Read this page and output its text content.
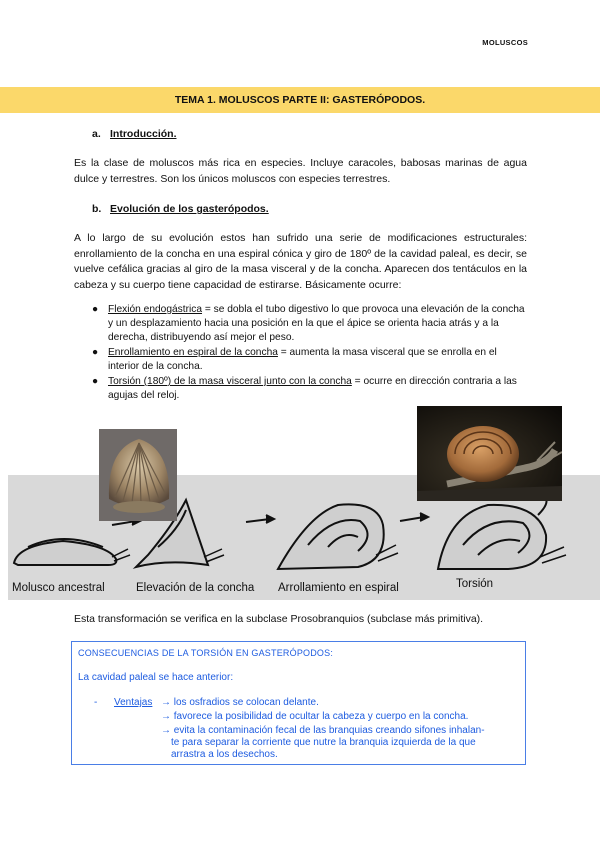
MOLUSCOS
TEMA 1. MOLUSCOS PARTE II: GASTERÓPODOS.
a. Introducción.

Es la clase de moluscos más rica en especies. Incluye caracoles, babosas marinas de agua dulce y terrestres. Son los únicos moluscos con especies terrestres.

b. Evolución de los gasterópodos.

A lo largo de su evolución estos han sufrido una serie de modificaciones estructurales: enrollamiento de la concha en una espiral cónica y giro de 180º de la cavidad paleal, es decir, se vuelve cefálica gracias al giro de la masa visceral y de la concha. Aparecen dos tentáculos en la cabeza y su cuerpo tiene capacidad de estirarse. Básicamente ocurre:

● Flexión endogástrica = se dobla el tubo digestivo lo que provoca una elevación de la concha y un desplazamiento hacia una posición en la que el ápice se orienta hacia atrás y a la derecha, distribuyendo así mejor el peso.
● Enrollamiento en espiral de la concha = aumenta la masa visceral que se enrolla en el interior de la concha.
● Torsión (180º) de la masa visceral junto con la concha = ocurre en dirección contraria a las agujas del reloj.
Molusco ancestral	Elevación de la concha Arrollamiento en espiral	Torsión
Esta transformación se verifica en la subclase Prosobranquios (subclase más primitiva).
CONSECUENCIAS DE LA TORSIÓN EN GASTERÓPODOS:
La cavidad paleal se hace anterior:
- Ventajas → los osfradios se colocan delante.
→ favorece la posibilidad de ocultar la cabeza y cuerpo en la concha.
→ evita la contaminación fecal de las branquias creando sifones inhalan-
te para separar la corriente que nutre la branquia izquierda de la que
arrastra a los desechos.
